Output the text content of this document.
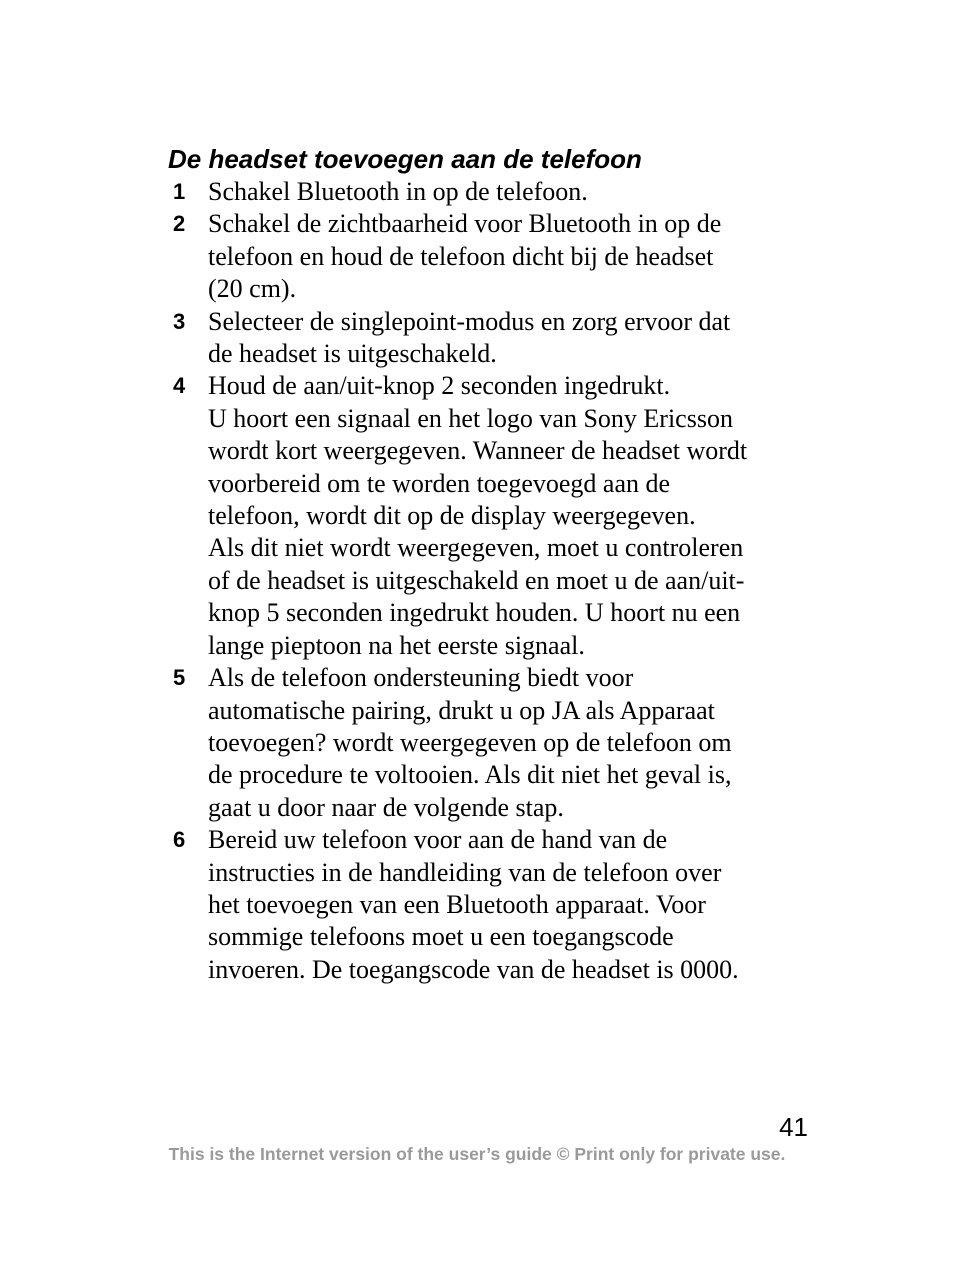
De headset toevoegen aan de telefoon
1 Schakel Bluetooth in op de telefoon.
2 Schakel de zichtbaarheid voor Bluetooth in op de
telefoon en houd de telefoon dicht bij de headset
(20 cm).
3 Selecteer de singlepoint-modus en zorg ervoor dat
de headset is uitgeschakeld.
4 Houd de aan/uit-knop 2 seconden ingedrukt.
U hoort een signaal en het logo van Sony Ericsson
wordt kort weergegeven. Wanneer de headset wordt
voorbereid om te worden toegevoegd aan de
telefoon, wordt dit op de display weergegeven.
Als dit niet wordt weergegeven, moet u controleren
of de headset is uitgeschakeld en moet u de aan/uit-
knop 5 seconden ingedrukt houden. U hoort nu een
lange pieptoon na het eerste signaal.
5 Als de telefoon ondersteuning biedt voor
automatische pairing, drukt u op JA als Apparaat
toevoegen? wordt weergegeven op de telefoon om
de procedure te voltooien. Als dit niet het geval is,
gaat u door naar de volgende stap.
6 Bereid uw telefoon voor aan de hand van de
instructies in de handleiding van de telefoon over
het toevoegen van een Bluetooth apparaat. Voor
sommige telefoons moet u een toegangscode
invoeren. De toegangscode van de headset is 0000.
41
This is the Internet version of the user’s guide © Print only for private use.
